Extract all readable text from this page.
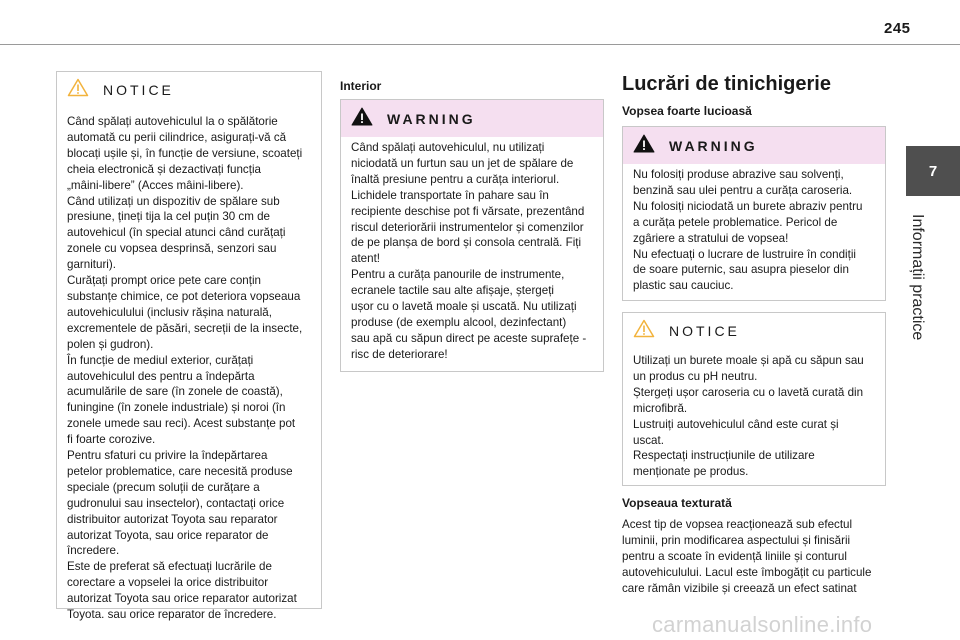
245
7
Informații practice
NOTICE
Când spălați autovehiculul la o spălătorie
automată cu perii cilindrice, asigurați-vă că
blocați ușile și, în funcție de versiune, scoateți
cheia electronică și dezactivați funcția
„mâini-libere” (Acces mâini-libere).
Când utilizați un dispozitiv de spălare sub
presiune, țineți tija la cel puțin 30 cm de
autovehicul (în special atunci când curățați
zonele cu vopsea desprinsă, senzori sau
garnituri).
Curățați prompt orice pete care conțin
substanțe chimice, ce pot deteriora vopseaua
autovehiculului (inclusiv rășina naturală,
excrementele de păsări, secreții de la insecte,
polen și gudron).
În funcție de mediul exterior, curățați
autovehiculul des pentru a îndepărta
acumulările de sare (în zonele de coastă),
funingine (în zonele industriale) și noroi (în
zonele umede sau reci). Acest substanțe pot
fi foarte corozive.
Pentru sfaturi cu privire la îndepărtarea
petelor problematice, care necesită produse
speciale (precum soluții de curățare a
gudronului sau insectelor), contactați orice
distribuitor autorizat Toyota sau reparator
autorizat Toyota, sau orice reparator de
încredere.
Este de preferat să efectuați lucrările de
corectare a vopselei la orice distribuitor
autorizat Toyota sau orice reparator autorizat
Toyota. sau orice reparator de încredere.
Interior
WARNING
Când spălați autovehiculul, nu utilizați
niciodată un furtun sau un jet de spălare de
înaltă presiune pentru a curăța interiorul.
Lichidele transportate în pahare sau în
recipiente deschise pot fi vărsate, prezentând
riscul deteriorării instrumentelor și comenzilor
de pe planșa de bord și consola centrală. Fiți
atent!
Pentru a curăța panourile de instrumente,
ecranele tactile sau alte afișaje, ștergeți
ușor cu o lavetă moale și uscată. Nu utilizați
produse (de exemplu alcool, dezinfectant)
sau apă cu săpun direct pe aceste suprafețe -
risc de deteriorare!
Lucrări de tinichigerie
Vopsea foarte lucioasă
WARNING
Nu folosiți produse abrazive sau solvenți,
benzină sau ulei pentru a curăța caroseria.
Nu folosiți niciodată un burete abraziv pentru
a curăța petele problematice. Pericol de
zgâriere a stratului de vopsea!
Nu efectuați o lucrare de lustruire în condiții
de soare puternic, sau asupra pieselor din
plastic sau cauciuc.
NOTICE
Utilizați un burete moale și apă cu săpun sau
un produs cu pH neutru.
Ștergeți ușor caroseria cu o lavetă curată din
microfibră.
Lustruiți autovehiculul când este curat și
uscat.
Respectați instrucțiunile de utilizare
menționate pe produs.
Vopseaua texturată
Acest tip de vopsea reacționează sub efectul
luminii, prin modificarea aspectului și finisării
pentru a scoate în evidență liniile și conturul
autovehiculului. Lacul este îmbogățit cu particule
care rămân vizibile și creează un efect satinat
carmanualsonline.info
